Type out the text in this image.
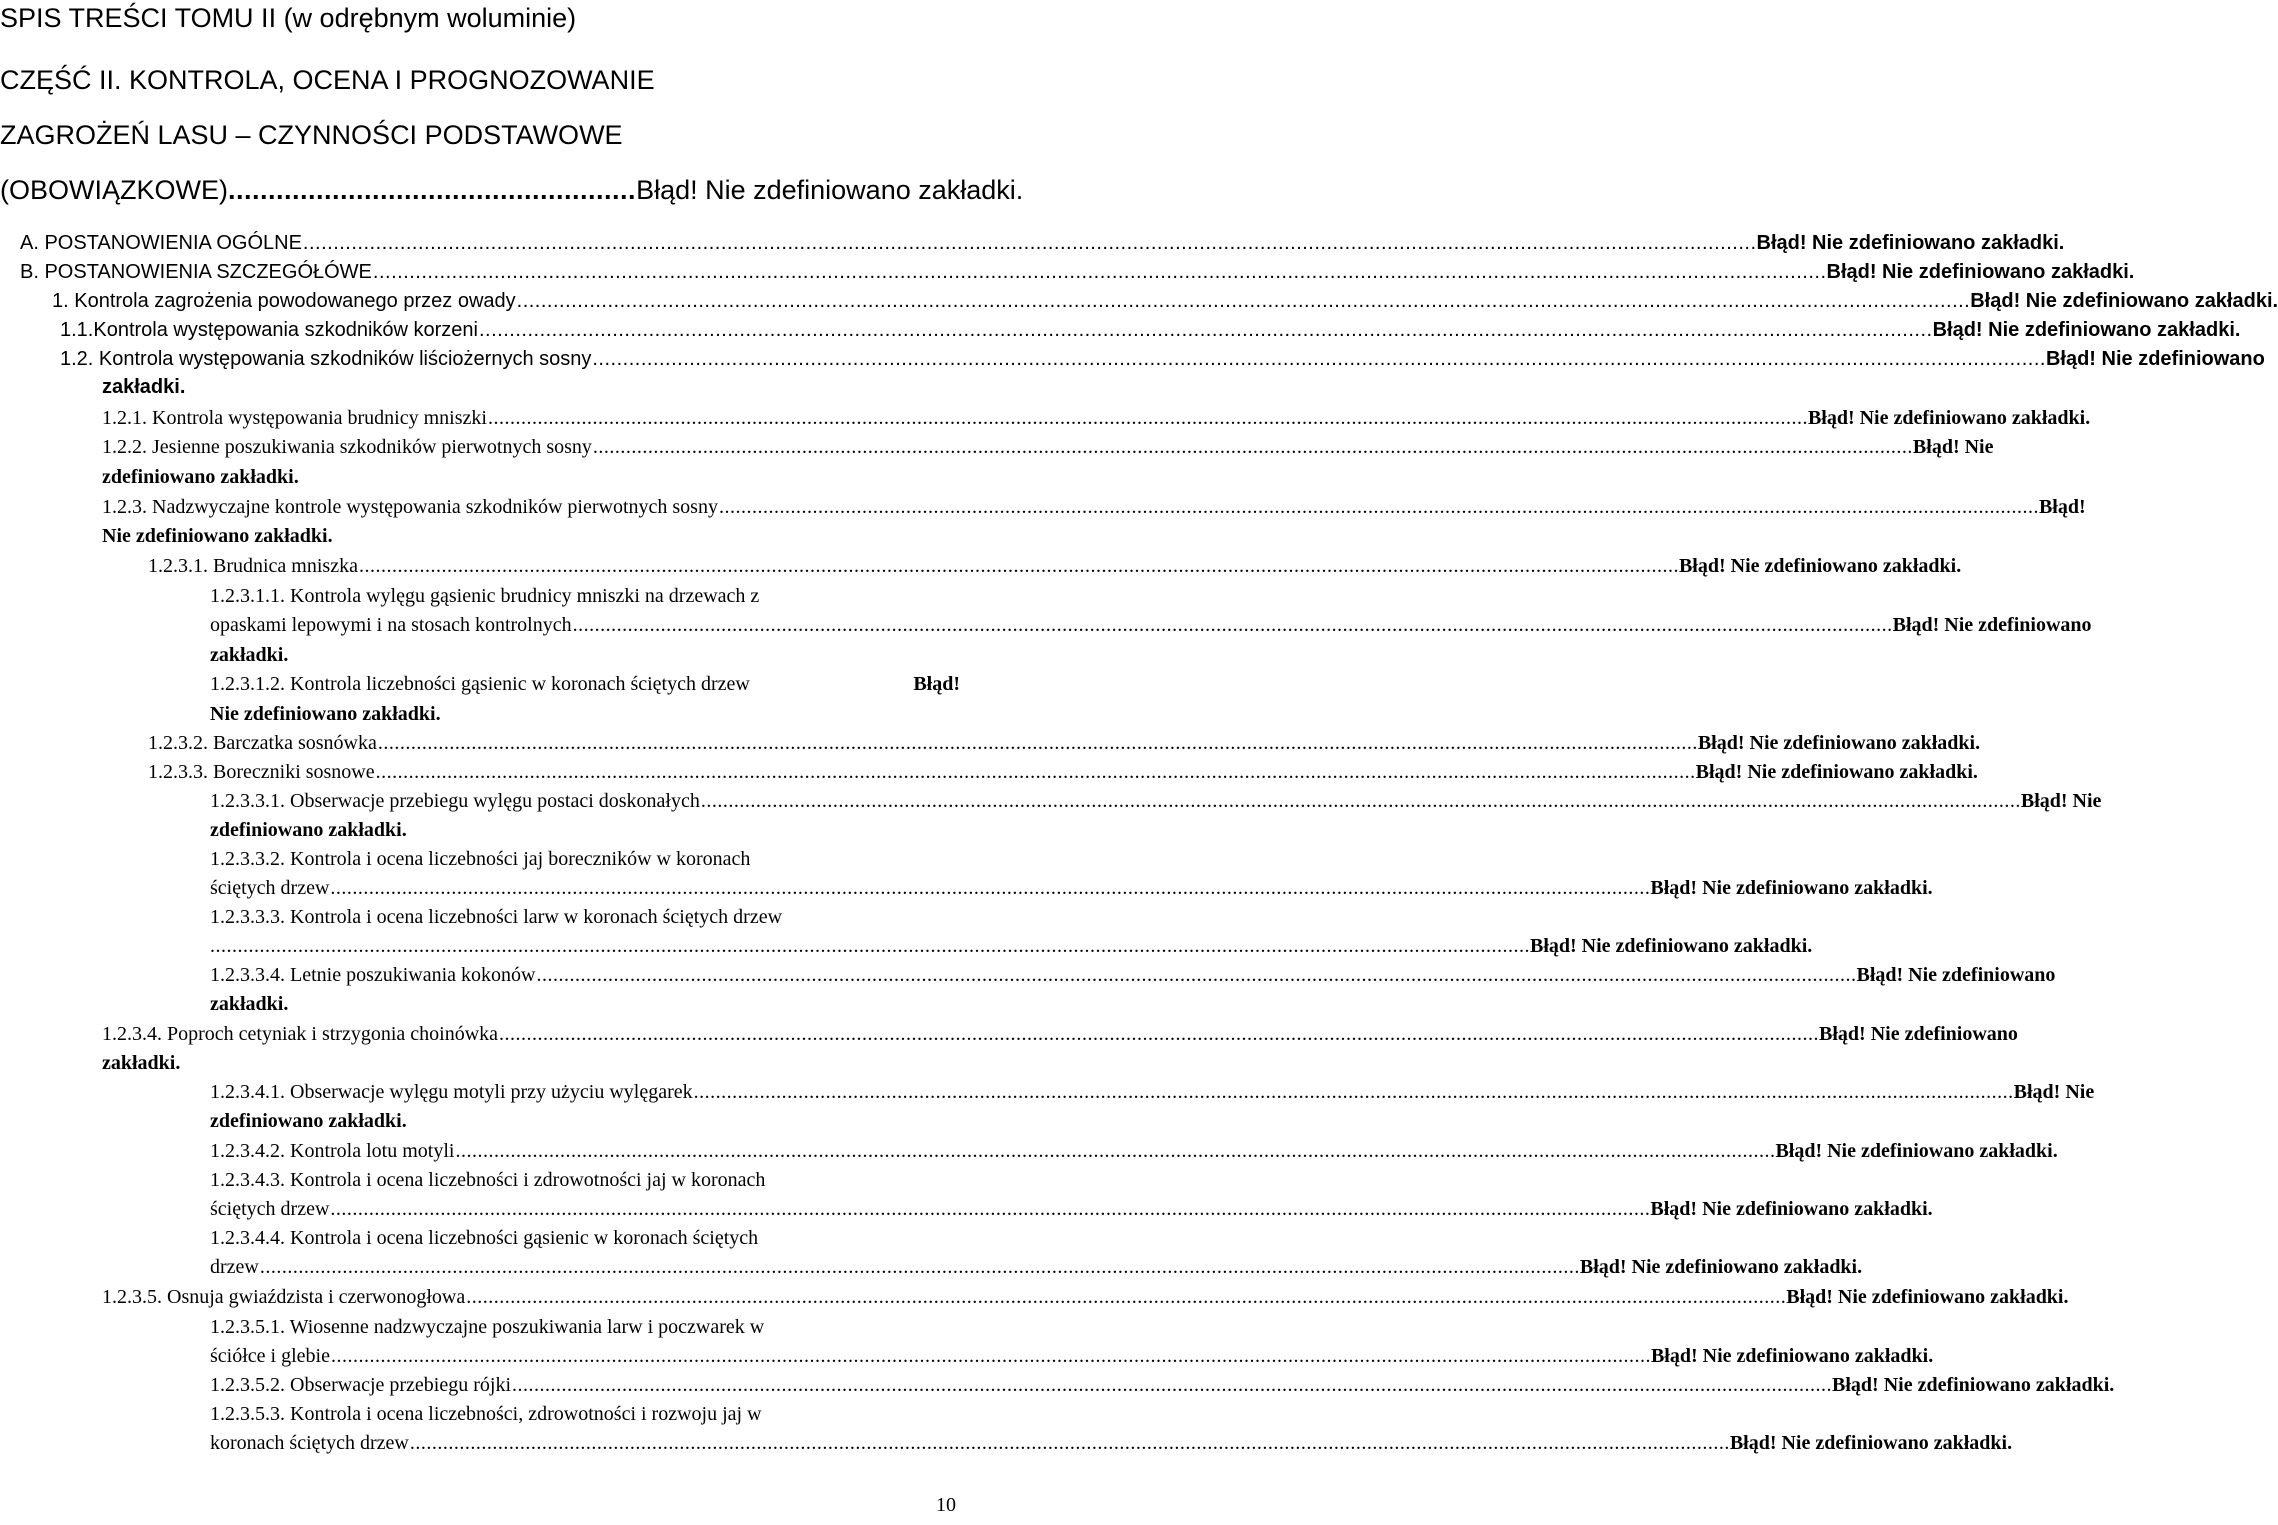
SPIS TREŚCI TOMU II (w odrębnym woluminie)
CZĘŚĆ II. KONTROLA, OCENA I PROGNOZOWANIE
ZAGROŻEŃ LASU – CZYNNOŚCI PODSTAWOWE
(OBOWIĄZKOWE)...................................................Błąd! Nie zdefiniowano zakładki.
A. POSTANOWIENIA OGÓLNE .....	Błąd! Nie zdefiniowano zakładki.
B. POSTANOWIENIA SZCZEGÓŁÓWE .....	Błąd! Nie zdefiniowano zakładki.
1. Kontrola zagrożenia powodowanego przez owady .....	Błąd! Nie zdefiniowano zakładki.
1.1.Kontrola występowania szkodników korzeni .....	Błąd! Nie zdefiniowano zakładki.
1.2. Kontrola występowania szkodników liściożernych sosny .....	Błąd! Nie zdefiniowano
zakładki.
1.2.1. Kontrola występowania brudnicy mniszki .....	Błąd! Nie zdefiniowano zakładki.
1.2.2. Jesienne poszukiwania szkodników pierwotnych sosny .....	Błąd! Nie
zdefiniowano zakładki.
1.2.3. Nadzwyczajne kontrole występowania szkodników pierwotnych sosny .....	Błąd!
Nie zdefiniowano zakładki.
1.2.3.1. Brudnica mniszka .....	Błąd! Nie zdefiniowano zakładki.
1.2.3.1.1. Kontrola wylęgu gąsienic brudnicy mniszki na drzewach z
opaskami lepowymi i na stosach kontrolnych .....	Błąd! Nie zdefiniowano
zakładki.
1.2.3.1.2. Kontrola liczebności gąsienic w koronach ściętych drzew	Błąd!
Nie zdefiniowano zakładki.
1.2.3.2. Barczatka sosnówka .....	Błąd! Nie zdefiniowano zakładki.
1.2.3.3. Boreczniki sosnowe .....	Błąd! Nie zdefiniowano zakładki.
1.2.3.3.1. Obserwacje przebiegu wylęgu postaci doskonałych .....	Błąd! Nie
zdefiniowano zakładki.
1.2.3.3.2. Kontrola i ocena liczebności jaj boreczników w koronach
ściętych drzew .....	Błąd! Nie zdefiniowano zakładki.
1.2.3.3.3. Kontrola i ocena liczebności larw w koronach ściętych drzew
.....
Błąd! Nie zdefiniowano zakładki.
1.2.3.3.4. Letnie poszukiwania kokonów .....	Błąd! Nie zdefiniowano
zakładki.
1.2.3.4. Poproch cetyniak i strzygonia choinówka .....	Błąd! Nie zdefiniowano
zakładki.
1.2.3.4.1. Obserwacje wylęgu motyli przy użyciu wylęgarek .....	Błąd! Nie
zdefiniowano zakładki.
1.2.3.4.2. Kontrola lotu motyli .....	Błąd! Nie zdefiniowano zakładki.
1.2.3.4.3. Kontrola i ocena liczebności i zdrowotności jaj w koronach
ściętych drzew .....	Błąd! Nie zdefiniowano zakładki.
1.2.3.4.4. Kontrola i ocena liczebności gąsienic w koronach ściętych
drzew .....	Błąd! Nie zdefiniowano zakładki.
1.2.3.5. Osnuja gwiaździsta i czerwonogłowa .....	Błąd! Nie zdefiniowano zakładki.
1.2.3.5.1. Wiosenne nadzwyczajne poszukiwania larw i poczwarek w
ściółce i glebie .....	Błąd! Nie zdefiniowano zakładki.
1.2.3.5.2. Obserwacje przebiegu rójki .....	Błąd! Nie zdefiniowano zakładki.
1.2.3.5.3. Kontrola i ocena liczebności, zdrowotności i rozwoju jaj w
koronach ściętych drzew .....	Błąd! Nie zdefiniowano zakładki.
10
